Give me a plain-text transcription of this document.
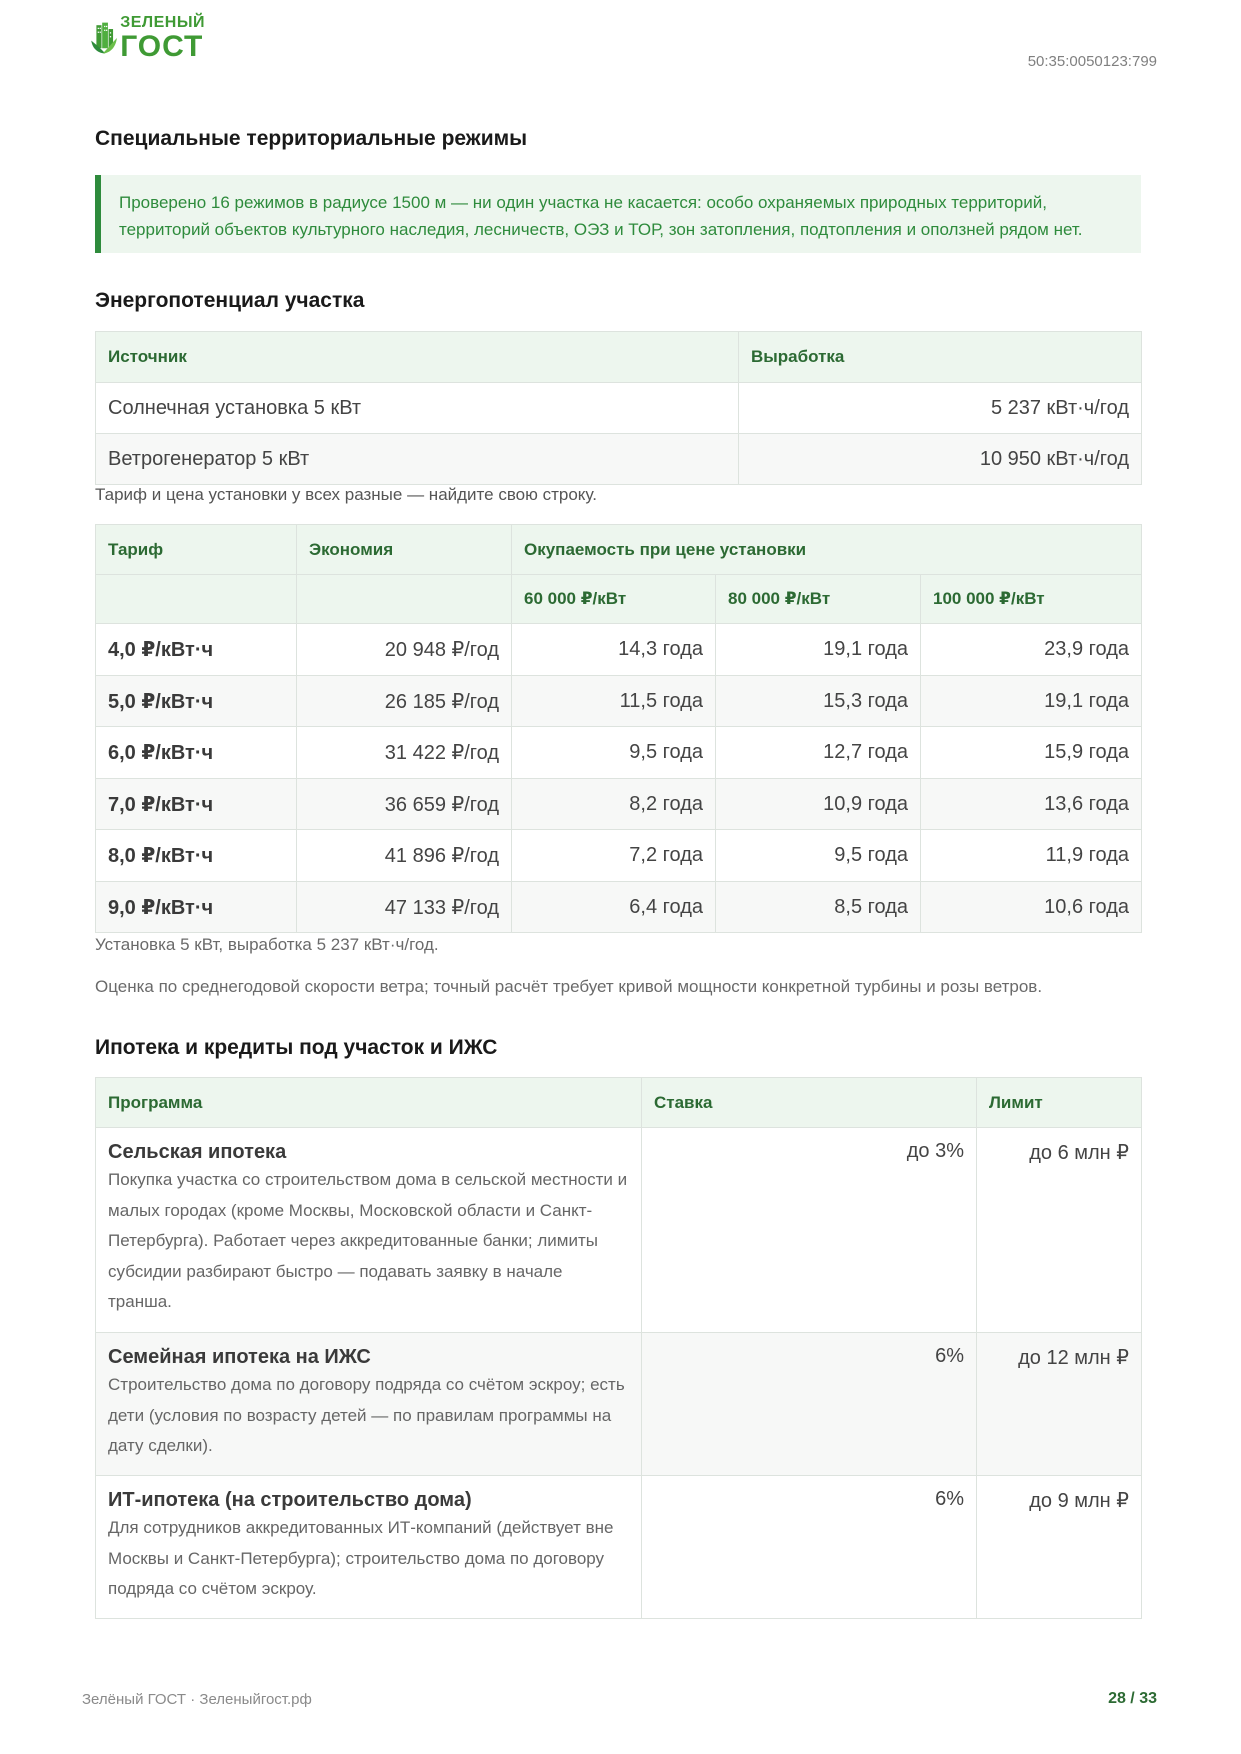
ЗЕЛЕНЫЙ
ГОСТ	50:35:0050123:799
Специальные территориальные режимы
Проверено 16 режимов в радиусе 1500 м — ни один участка не касается: особо охраняемых природных территорий, территорий объектов культурного наследия, лесничеств, ОЭЗ и ТОР, зон затопления, подтопления и оползней рядом нет.
Энергопотенциал участка
Источник	Выработка
Солнечная установка 5 кВт	5 237 кВт·ч/год
Ветрогенератор 5 кВт	10 950 кВт·ч/год

Тариф и цена установки у всех разные — найдите свою строку.

Тариф	Экономия	Окупаемость при цене установки		
		60 000 ₽/кВт	80 000 ₽/кВт	100 000 ₽/кВт
4,0 ₽/кВт·ч	20 948 ₽/год	14,3 года	19,1 года	23,9 года
5,0 ₽/кВт·ч	26 185 ₽/год	11,5 года	15,3 года	19,1 года
6,0 ₽/кВт·ч	31 422 ₽/год	9,5 года	12,7 года	15,9 года
7,0 ₽/кВт·ч	36 659 ₽/год	8,2 года	10,9 года	13,6 года
8,0 ₽/кВт·ч	41 896 ₽/год	7,2 года	9,5 года	11,9 года
9,0 ₽/кВт·ч	47 133 ₽/год	6,4 года	8,5 года	10,6 года

Установка 5 кВт, выработка 5 237 кВт·ч/год.

Оценка по среднегодовой скорости ветра; точный расчёт требует кривой мощности конкретной турбины и розы ветров.

Ипотека и кредиты под участок и ИЖС
Программа	Ставка	Лимит

Сельская ипотека
Покупка участка со строительством дома в сельской местности и малых городах (кроме Москвы, Московской области и Санкт-Петербурга). Работает через аккредитованные банки; лимиты субсидии разбирают быстро — подавать заявку в начале транша.	до 3%	до 6 млн ₽

Семейная ипотека на ИЖС
Строительство дома по договору подряда со счётом эскроу; есть дети (условия по возрасту детей — по правилам программы на дату сделки).	6%	до 12 млн ₽

ИТ-ипотека (на строительство дома)
Для сотрудников аккредитованных ИТ-компаний (действует вне Москвы и Санкт-Петербурга); строительство дома по договору подряда со счётом эскроу.	6%	до 9 млн ₽
Зелёный ГОСТ · Зеленыйгост.рф	28 / 33
